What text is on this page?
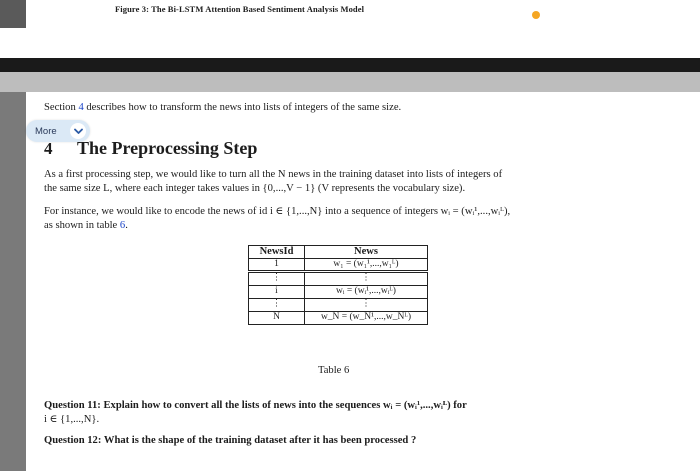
Figure 3: The Bi-LSTM Attention Based Sentiment Analysis Model
Section 4 describes how to transform the news into lists of integers of the same size.
More
4 The Preprocessing Step
As a first processing step, we would like to turn all the N news in the training dataset into lists of integers of
the same size L, where each integer takes values in {0,...,V − 1} (V represents the vocabulary size).
For instance, we would like to encode the news of id i ∈ {1,...,N} into a sequence of integers wᵢ = (wᵢ¹,...,wᵢᴸ),
as shown in table 6.
NewsId	News
1	w₁ = (w₁¹,...,w₁ᴸ)
⋮	⋮
i	wᵢ = (wᵢ¹,...,wᵢᴸ)
⋮	⋮
N	w_N = (w_N¹,...,w_Nᴸ)
Table 6
Question 11: Explain how to convert all the lists of news into the sequences wᵢ = (wᵢ¹,...,wᵢᴸ) for
i ∈ {1,...,N}.
Question 12: What is the shape of the training dataset after it has been processed ?
